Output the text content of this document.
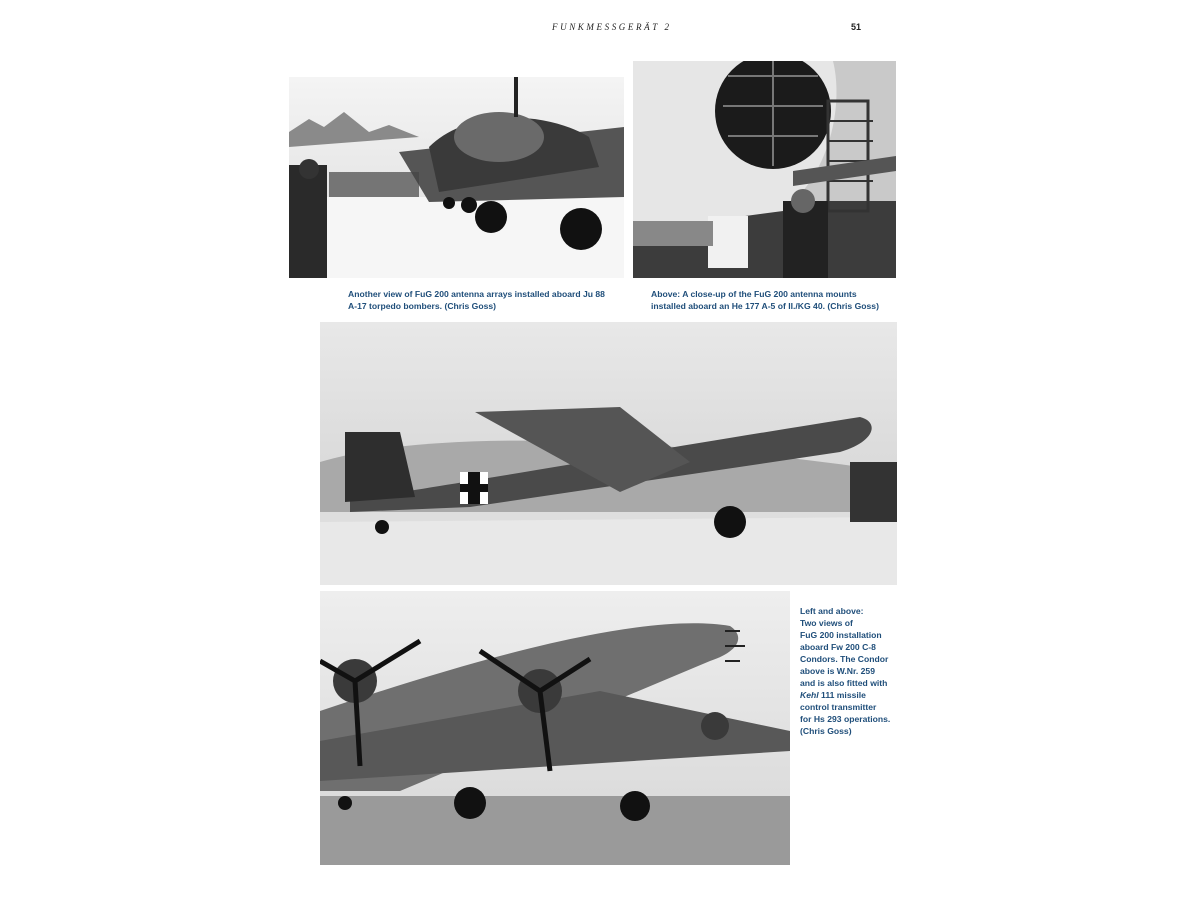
FUNKMESSGERÄT 2	51
Another view of FuG 200 antenna arrays installed aboard Ju 88
A-17 torpedo bombers. (Chris Goss)
Above: A close-up of the FuG 200 antenna mounts
installed aboard an He 177 A-5 of II./KG 40. (Chris Goss)
Left and above:
Two views of
FuG 200 installation
aboard Fw 200 C-8
Condors. The Condor
above is W.Nr. 259
and is also fitted with
Kehl 111 missile
control transmitter
for Hs 293 operations.
(Chris Goss)
